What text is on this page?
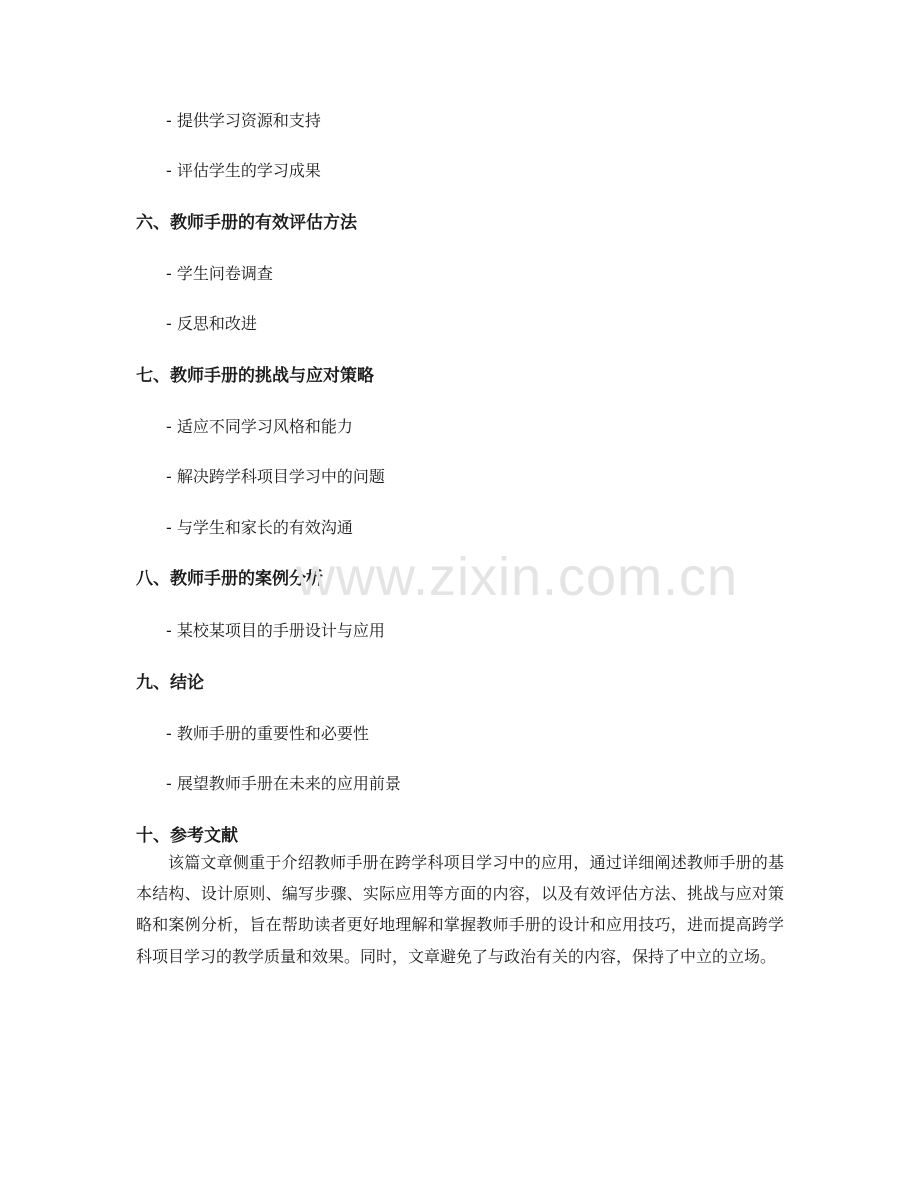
- 提供学习资源和支持
- 评估学生的学习成果
六、教师手册的有效评估方法
- 学生问卷调查
- 反思和改进
七、教师手册的挑战与应对策略
- 适应不同学习风格和能力
- 解决跨学科项目学习中的问题
- 与学生和家长的有效沟通
八、教师手册的案例分析
- 某校某项目的手册设计与应用
九、结论
- 教师手册的重要性和必要性
- 展望教师手册在未来的应用前景
十、参考文献

该篇文章侧重于介绍教师手册在跨学科项目学习中的应用，通过详细阐述教师手册的基本结构、设计原则、编写步骤、实际应用等方面的内容，以及有效评估方法、挑战与应对策略和案例分析，旨在帮助读者更好地理解和掌握教师手册的设计和应用技巧，进而提高跨学科项目学习的教学质量和效果。同时，文章避免了与政治有关的内容，保持了中立的立场。

www.zixin.com.cn
